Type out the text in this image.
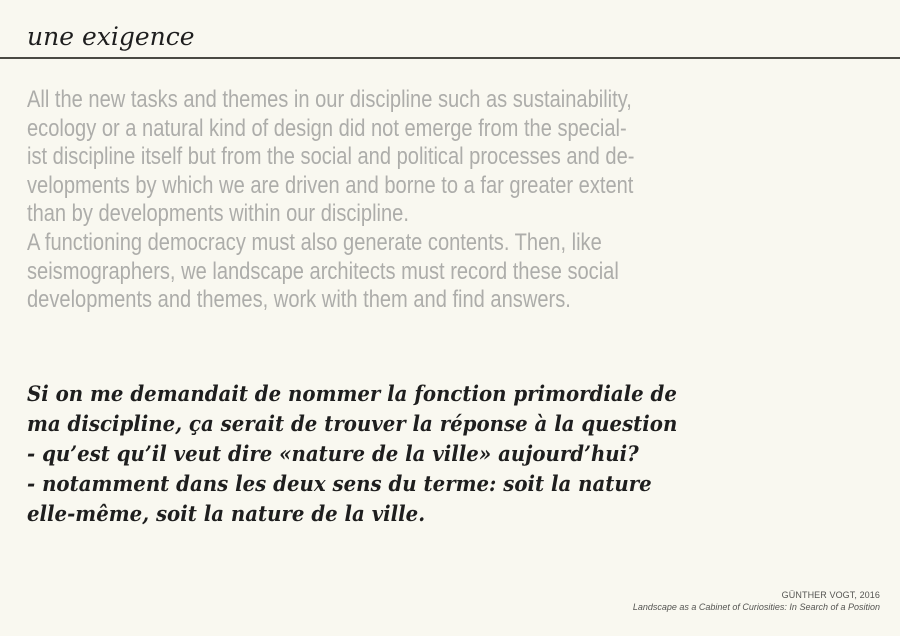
une exigence
All the new tasks and themes in our discipline such as sustainability,
ecology or a natural kind of design did not emerge from the special-
ist discipline itself but from the social and political processes and de-
velopments by which we are driven and borne to a far greater extent
than by developments within our discipline.
A functioning democracy must also generate contents. Then, like
seismographers, we landscape architects must record these social
developments and themes, work with them and find answers.
Si on me demandait de nommer la fonction primordiale de
ma discipline, ça serait de trouver la réponse à la question
- qu’est qu’il veut dire «nature de la ville» aujourd’hui?
- notamment dans les deux sens du terme: soit la nature
elle-même, soit la nature de la ville.
GÜNTHER VOGT, 2016
Landscape as a Cabinet of Curiosities: In Search of a Position
